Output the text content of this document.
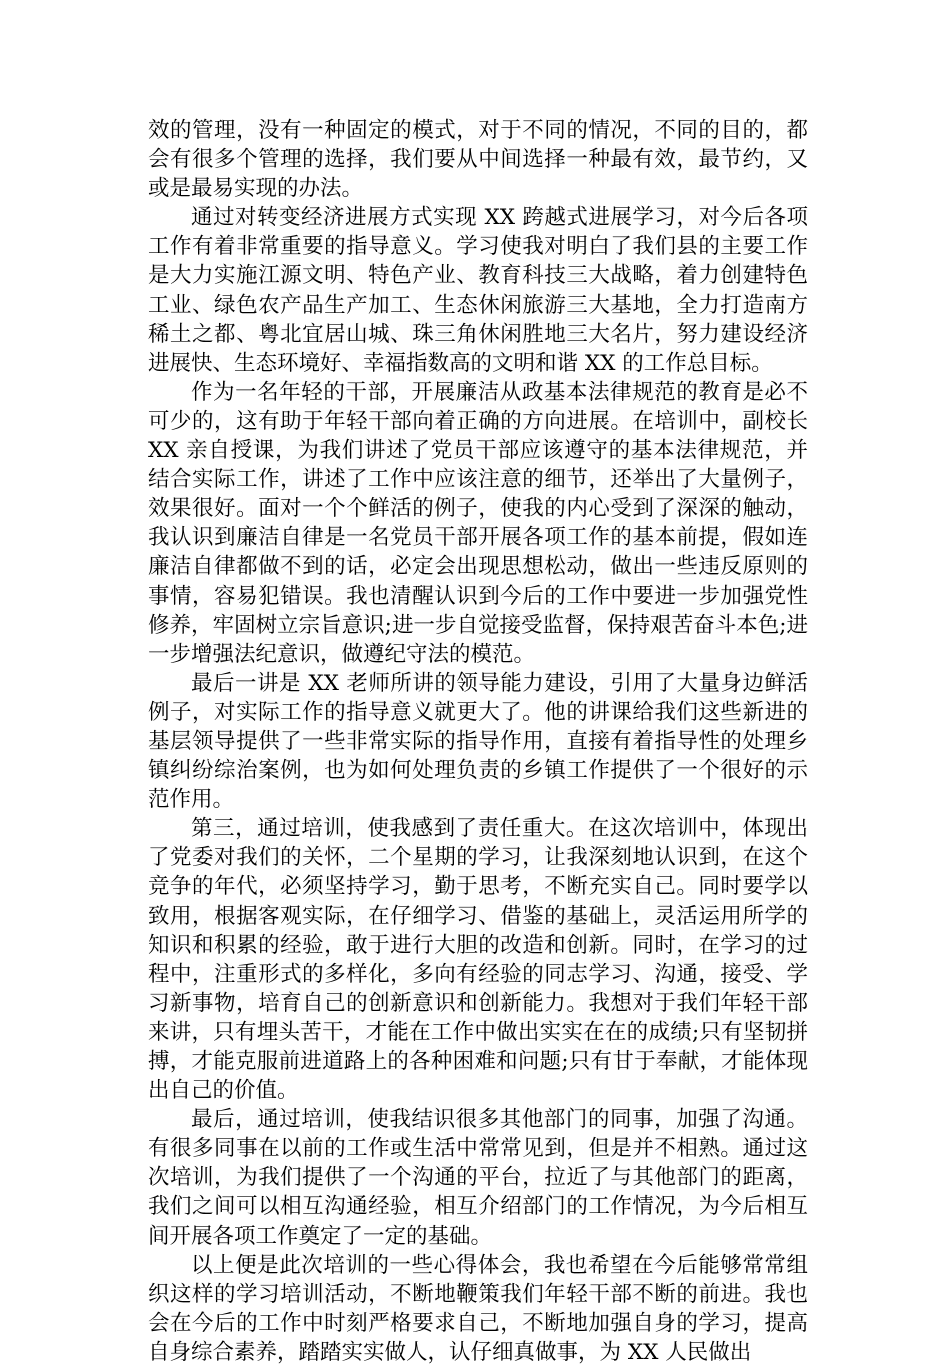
效的管理，没有一种固定的模式，对于不同的情况，不同的目的，都会有很多个管理的选择，我们要从中间选择一种最有效，最节约，又或是最易实现的办法。

通过对转变经济进展方式实现 XX 跨越式进展学习，对今后各项工作有着非常重要的指导意义。学习使我对明白了我们县的主要工作是大力实施江源文明、特色产业、教育科技三大战略，着力创建特色工业、绿色农产品生产加工、生态休闲旅游三大基地，全力打造南方稀土之都、粤北宜居山城、珠三角休闲胜地三大名片，努力建设经济进展快、生态环境好、幸福指数高的文明和谐 XX 的工作总目标。

作为一名年轻的干部，开展廉洁从政基本法律规范的教育是必不可少的，这有助于年轻干部向着正确的方向进展。在培训中，副校长 XX 亲自授课，为我们讲述了党员干部应该遵守的基本法律规范，并结合实际工作，讲述了工作中应该注意的细节，还举出了大量例子，效果很好。面对一个个鲜活的例子，使我的内心受到了深深的触动，我认识到廉洁自律是一名党员干部开展各项工作的基本前提，假如连廉洁自律都做不到的话，必定会出现思想松动，做出一些违反原则的事情，容易犯错误。我也清醒认识到今后的工作中要进一步加强党性修养，牢固树立宗旨意识;进一步自觉接受监督，保持艰苦奋斗本色;进一步增强法纪意识，做遵纪守法的模范。

最后一讲是 XX 老师所讲的领导能力建设，引用了大量身边鲜活例子，对实际工作的指导意义就更大了。他的讲课给我们这些新进的基层领导提供了一些非常实际的指导作用，直接有着指导性的处理乡镇纠纷综治案例，也为如何处理负责的乡镇工作提供了一个很好的示范作用。

第三，通过培训，使我感到了责任重大。在这次培训中，体现出了党委对我们的关怀，二个星期的学习，让我深刻地认识到，在这个竞争的年代，必须坚持学习，勤于思考，不断充实自己。同时要学以致用，根据客观实际，在仔细学习、借鉴的基础上，灵活运用所学的知识和积累的经验，敢于进行大胆的改造和创新。同时，在学习的过程中，注重形式的多样化，多向有经验的同志学习、沟通，接受、学习新事物，培育自己的创新意识和创新能力。我想对于我们年轻干部来讲，只有埋头苦干，才能在工作中做出实实在在的成绩;只有坚韧拼搏，才能克服前进道路上的各种困难和问题;只有甘于奉献，才能体现出自己的价值。

最后，通过培训，使我结识很多其他部门的同事，加强了沟通。有很多同事在以前的工作或生活中常常见到，但是并不相熟。通过这次培训，为我们提供了一个沟通的平台，拉近了与其他部门的距离，我们之间可以相互沟通经验，相互介绍部门的工作情况，为今后相互间开展各项工作奠定了一定的基础。

以上便是此次培训的一些心得体会，我也希望在今后能够常常组织这样的学习培训活动，不断地鞭策我们年轻干部不断的前进。我也会在今后的工作中时刻严格要求自己，不断地加强自身的学习，提高自身综合素养，踏踏实实做人，认仔细真做事，为 XX 人民做出
